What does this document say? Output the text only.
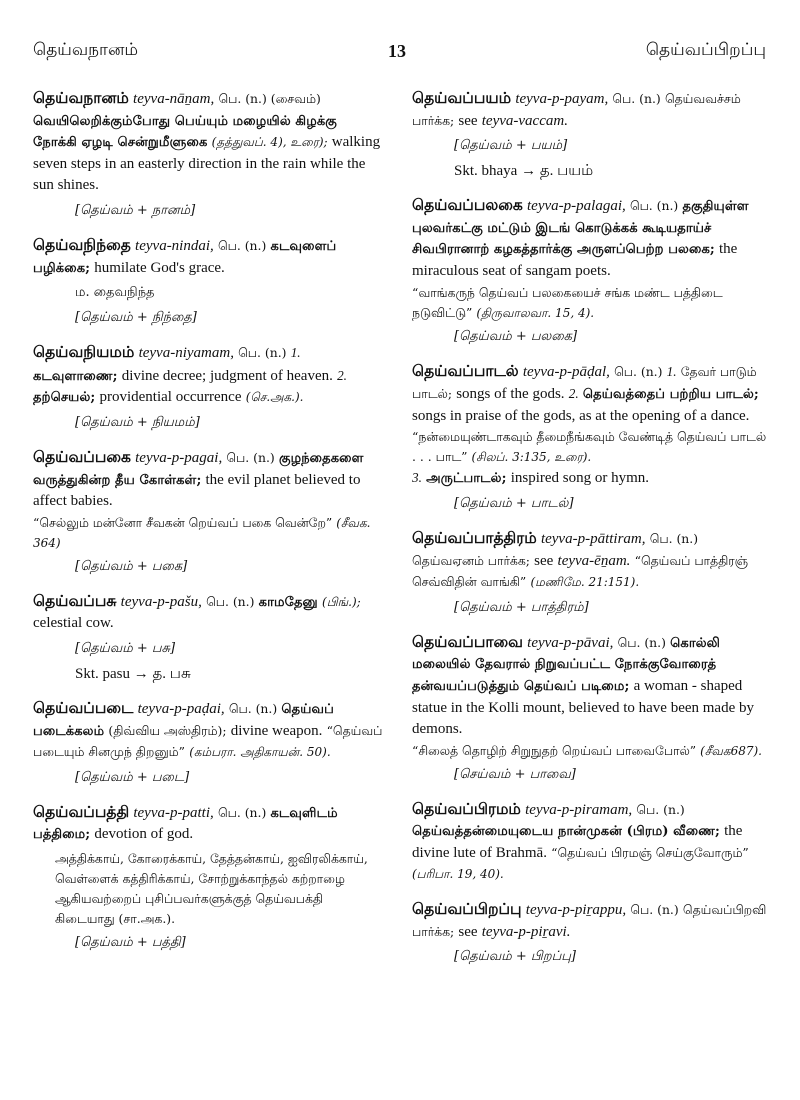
தெய்வநானம்	13	தெய்வப்பிறப்பு

தெய்வநானம் teyva-nāṉam, பெ. (n.) (சைவம்) வெயிலெறிக்கும்போது பெய்யும் மழையில் கிழக்கு நோக்கி ஏழடி சென்றுமீளுகை (தத்துவப். 4), உரை); walking seven steps in an easterly direction in the rain while the sun shines.

[தெய்வம் + நானம்]

தெய்வநிந்தை teyva-nindai, பெ. (n.) கடவுளைப் பழிக்கை; humilate God's grace.

ம. தைவநிந்த

[தெய்வம் + நிந்தை]

தெய்வநியமம் teyva-niyamam, பெ. (n.) 1. கடவுளாணை; divine decree; judgment of heaven. 2. தற்செயல்; providential occurrence (செ.அக.).

[தெய்வம் + நியமம்]

தெய்வப்பகை teyva-p-pagai, பெ. (n.) குழந்தைகளை வருத்துகின்ற தீய கோள்கள்; the evil planet believed to affect babies.

“செல்லும் மன்னோ சீவகன் றெய்வப் பகை வென்றே” (சீவக. 364)

[தெய்வம் + பகை]

தெய்வப்பசு teyva-p-pašu, பெ. (n.) காமதேனு (பிங்.); celestial cow.

[தெய்வம் + பசு]

Skt. pasu → த. பசு

தெய்வப்படை teyva-p-paḍai, பெ. (n.) தெய்வப் படைக்கலம் (திவ்விய அஸ்திரம்); divine weapon. “தெய்வப் படையும் சினமுந் திறனும்” (கம்பரா. அதிகாயன். 50).

[தெய்வம் + படை]

தெய்வப்பத்தி teyva-p-patti, பெ. (n.) கடவுளிடம் பத்திமை; devotion of god.

அத்திக்காய், கோரைக்காய், தேத்தன்காய், ஐவிரலிக்காய், வெள்ளைக் கத்திரிக்காய், சோற்றுக்காந்தல் கற்றாழை ஆகியவற்றைப் புசிப்பவர்களுக்குத் தெய்வபக்தி கிடையாது (சா.அக.).

[தெய்வம் + பத்தி]

தெய்வப்பயம் teyva-p-payam, பெ. (n.) தெய்வவச்சம் பார்க்க; see teyva-vaccam.

[தெய்வம் + பயம்]

Skt. bhaya → த. பயம்

தெய்வப்பலகை teyva-p-palagai, பெ. (n.) தகுதியுள்ள புலவர்கட்கு மட்டும் இடங் கொடுக்கக் கூடியதாய்ச் சிவபிரானாற் கழகத்தார்க்கு அருளப்பெற்ற பலகை; the miraculous seat of sangam poets.

“வாங்கருந் தெய்வப் பலகையைச் சங்க மண்ட பத்திடை நடுவிட்டு” (திருவாலவா. 15, 4).

[தெய்வம் + பலகை]

தெய்வப்பாடல் teyva-p-pāḍal, பெ. (n.) 1. தேவர் பாடும் பாடல்; songs of the gods. 2. தெய்வத்தைப் பற்றிய பாடல்; songs in praise of the gods, as at the opening of a dance.

“நன்மையுண்டாகவும் தீமைநீங்கவும் வேண்டித் தெய்வப் பாடல் . . . பாட” (சிலப். 3:135, உரை).

3. அருட்பாடல்; inspired song or hymn.

[தெய்வம் + பாடல்]

தெய்வப்பாத்திரம் teyva-p-pāttiram, பெ. (n.) தெய்வஏனம் பார்க்க; see teyva-ēṉam. “தெய்வப் பாத்திரஞ் செவ்விதின் வாங்கி” (மணிமே. 21:151).

[தெய்வம் + பாத்திரம்]

தெய்வப்பாவை teyva-p-pāvai, பெ. (n.) கொல்லி மலையில் தேவரால் நிறுவப்பட்ட நோக்குவோரைத் தன்வயப்படுத்தும் தெய்வப் படிமை; a woman - shaped statue in the Kolli mount, believed to have been made by demons.

“சிலைத் தொழிற் சிறுநுதற் றெய்வப் பாவைபோல்” (சீவக687).

[செய்வம் + பாவை]

தெய்வப்பிரமம் teyva-p-piramam, பெ. (n.) தெய்வத்தன்மையுடைய நான்முகன் (பிரம) வீணை; the divine lute of Brahmā. “தெய்வப் பிரமஞ் செய்குவோரும்” (பரிபா. 19, 40).

தெய்வப்பிறப்பு teyva-p-piṟappu, பெ. (n.) தெய்வப்பிறவி பார்க்க; see teyva-p-piṟavi.

[தெய்வம் + பிறப்பு]
